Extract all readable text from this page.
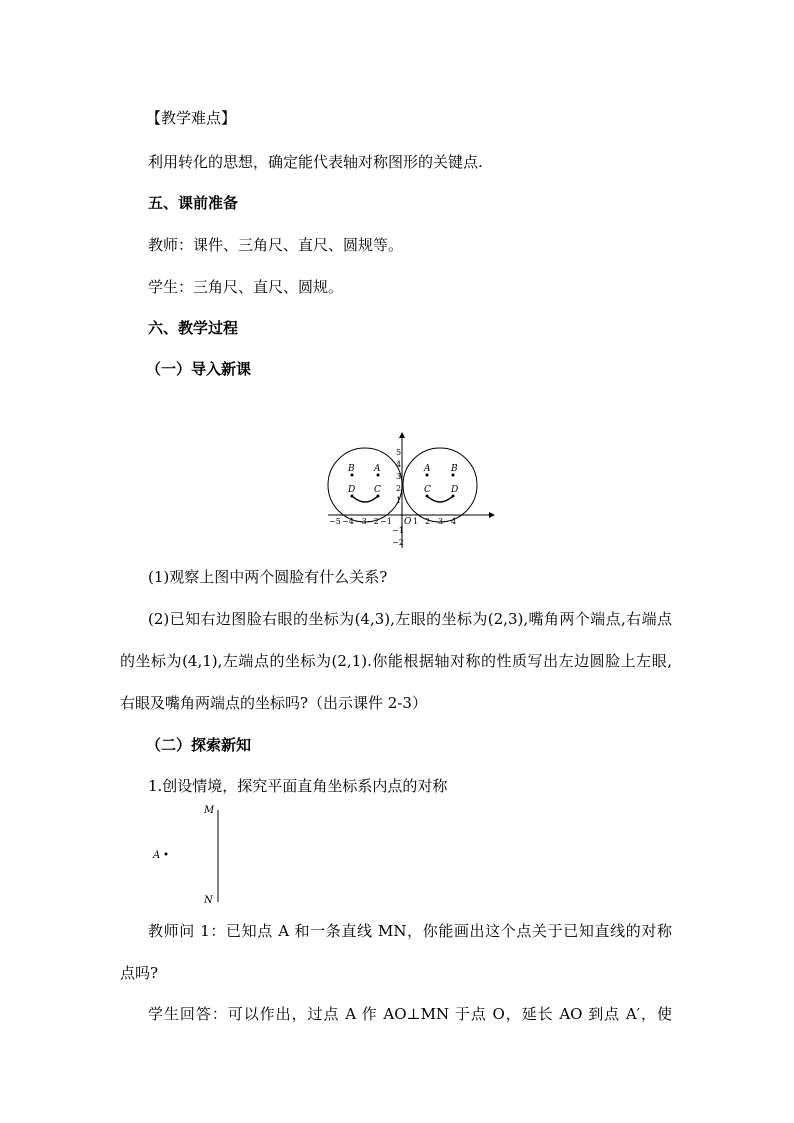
【教学难点】

利用转化的思想，确定能代表轴对称图形的关键点.

五、课前准备

教师：课件、三角尺、直尺、圆规等。

学生：三角尺、直尺、圆规。

六、教学过程

（一）导入新课

B A
D C
A B
C D
O
−5 −4 −3 −2 −1	1 2 3 4
5
4
3
2
1
−1
−2

(1)观察上图中两个圆脸有什么关系?

(2)已知右边图脸右眼的坐标为(4,3),左眼的坐标为(2,3),嘴角两个端点,右端点

的坐标为(4,1),左端点的坐标为(2,1).你能根据轴对称的性质写出左边圆脸上左眼,

右眼及嘴角两端点的坐标吗?（出示课件 2-3）

（二）探索新知

1.创设情境，探究平面直角坐标系内点的对称

A
M
N

教师问 1：已知点 A 和一条直线 MN，你能画出这个点关于已知直线的对称

点吗?

学生回答：可以作出，过点 A 作 AO⊥MN 于点 O，延长 AO 到点 A′，使
